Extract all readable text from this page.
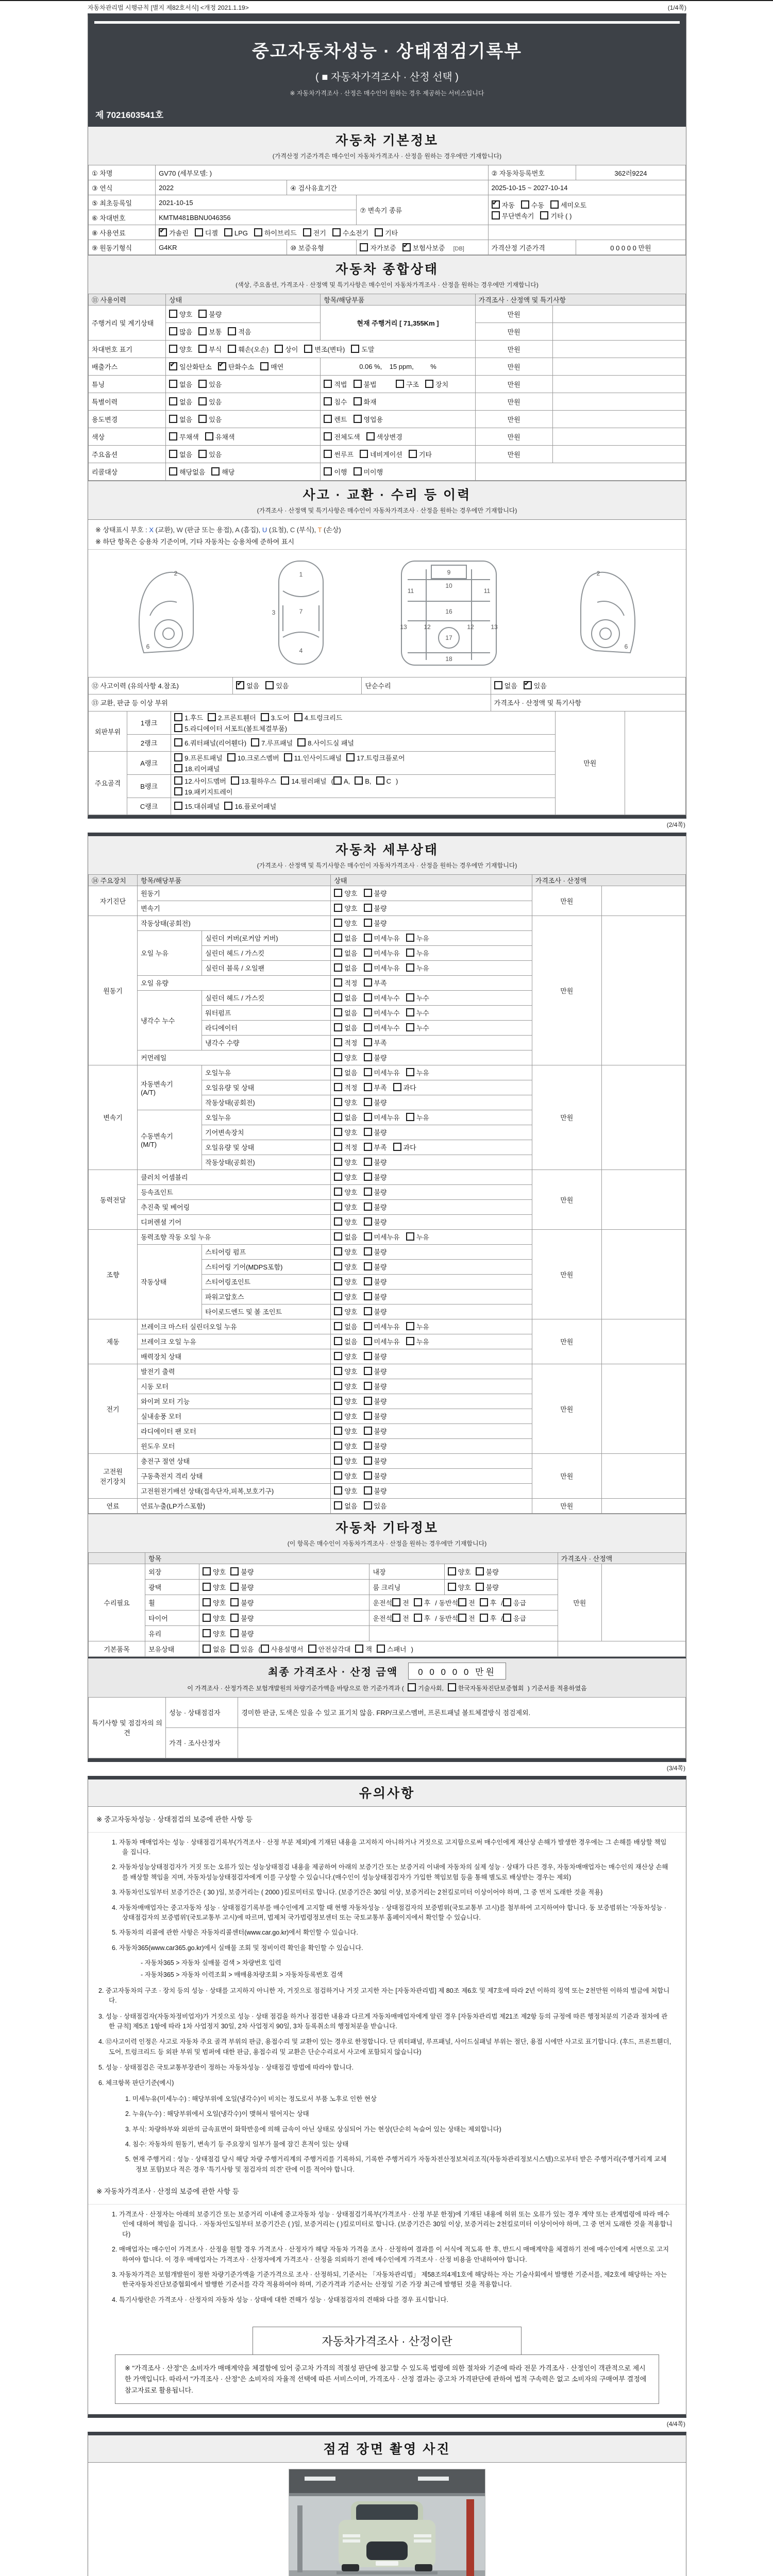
자동차관리법 시행규칙 [별지 제82호서식] <개정 2021.1.19>	(1/4쪽)
중고자동차성능 · 상태점검기록부
( ■ 자동차가격조사 · 산정 선택 )
※ 자동차가격조사 · 산정은 매수인이 원하는 경우 제공하는 서비스입니다
제 7021603541호
자동차 기본정보
(가격산정 기준가격은 매수인이 자동차가격조사 · 산정을 원하는 경우에만 기재합니다)
① 차명	GV70 (세부모델: )			② 자동차등록번호	362러9224
③ 연식	2022	④ 검사유효기간		2025-10-15 ~ 2027-10-14	
⑤ 최초등록일	2021-10-15		⑦ 변속기 종류	✔자동 수동 세미오토
무단변속기 기타 ( )
⑥ 차대번호	KMTM481BBNU046356				
⑧ 사용연료	✔가솔린 디젤 LPG 하이브리드 전기 수소전기 기타	
⑨ 원동기형식	G4KR	⑩ 보증유형	자가보증 ✔ 보험사보증 [DB]	가격산정 기준가격	0 0 0 0 0 만원
자동차 종합상태
(색상, 주요옵션, 가격조사 · 산정액 및 특기사항은 매수인이 자동차가격조사 · 산정을 원하는 경우에만 기재합니다)
⑪ 사용이력	상태	항목/해당부품	가격조사 · 산정액 및 특기사항	
주행거리 및 계기상태	양호 불량	현재 주행거리 [ 71,355Km ]	만원	
	많음 보통 적음		만원	
차대번호 표기	양호 부식 훼손(오손) 상이 변조(변타) 도말		만원	
배출가스	✔일산화탄소 ✔ 탄화수소 매연	0.06 %,    15 ppm,         %	만원	
튜닝	없음 있음	적법 불법 구조 장치	만원	
특별이력	없음 있음	침수 화재	만원	
용도변경	없음 있음	렌트 영업용	만원	
색상	무채색 유채색	전체도색 색상변경	만원	
주요옵션	없음 있음	썬루프 네비게이션 기타	만원	
리콜대상	해당없음 해당	이행 미이행		
사고 · 교환 · 수리 등 이력
(가격조사 · 산정액 및 특기사항은 매수인이 자동차가격조사 · 산정을 원하는 경우에만 기재합니다)
※ 상태표시 부호 : X (교환), W (판금 또는 용접), A (흠집), U (요철), C (부식), T (손상)
※ 하단 항목은 승용차 기준이며, 기타 자동차는 승용차에 준하여 표시
2
6
1
7
4
3
9
10
11	11
13	13
12	12
16
17
18
2
6
⑫ 사고이력 (유의사항 4.참조)	✔없음 있음	단순수리	없음 ✔ 있음
⑬ 교환, 판금 등 이상 부위			가격조사 · 산정액 및 특기사항
외판부위	1랭크	1.후드 2.프론트휀더 3.도어 4.트렁크리드
5.라디에이터 서포트(볼트체결부품)	만원	
	2랭크	6.쿼터패널(리어휀다) 7.루프패널 8.사이드실 패널		
주요골격	A랭크	9.프론트패널 10.크로스멤버 11.인사이드패널 17.트렁크플로어
18.리어패널		
	B랭크	12.사이드멤버 13.휠하우스 14.필러패널 ( A, B, C )
19.패키지트레이		
	C랭크	15.대쉬패널 16.플로어패널		
(2/4쪽)
자동차 세부상태
(가격조사 · 산정액 및 특기사항은 매수인이 자동차가격조사 · 산정을 원하는 경우에만 기재합니다)
⑭ 주요장치	항목/해당부품		상태	가격조사 · 산정액	
자기진단	원동기		양호 불량	만원	
	변속기		양호 불량		
원동기	작동상태(공회전)		양호 불량	만원	
	오일 누유	실린더 커버(로커암 커버)	없음 미세누유 누유		
		실린더 헤드 / 가스킷	없음 미세누유 누유		
		실린더 블록 / 오일팬	없음 미세누유 누유		
	오일 유량		적정 부족		
	냉각수 누수	실린더 헤드 / 가스킷	없음 미세누수 누수		
		워터펌프	없음 미세누수 누수		
		라디에이터	없음 미세누수 누수		
		냉각수 수량	적정 부족		
	커먼레일		양호 불량		
변속기	자동변속기
(A/T)	오일누유	없음 미세누유 누유	만원	
		오일유량 및 상태	적정 부족 과다		
		작동상태(공회전)	양호 불량		
	수동변속기
(M/T)	오일누유	없음 미세누유 누유		
		기어변속장치	양호 불량		
		오일유량 및 상태	적정 부족 과다		
		작동상태(공회전)	양호 불량		
동력전달	클러치 어셈블리		양호 불량	만원	
	등속죠인트		양호 불량		
	추진축 및 베어링		양호 불량		
	디퍼렌셜 기어		양호 불량		
조향	동력조향 작동 오일 누유		없음 미세누유 누유	만원	
	작동상태	스티어링 펌프	양호 불량		
		스티어링 기어(MDPS포함)	양호 불량		
		스티어링조인트	양호 불량		
		파워고압호스	양호 불량		
		타이로드엔드 및 볼 조인트	양호 불량		
제동	브레이크 마스터 실린더오일 누유		없음 미세누유 누유	만원	
	브레이크 오일 누유		없음 미세누유 누유		
	배력장치 상태		양호 불량		
전기	발전기 출력		양호 불량	만원	
	시동 모터		양호 불량		
	와이퍼 모터 기능		양호 불량		
	실내송풍 모터		양호 불량		
	라디에이터 팬 모터		양호 불량		
	윈도우 모터		양호 불량		
고전원
전기장치	충전구 절연 상태		양호 불량	만원	
	구동축전지 격리 상태		양호 불량		
	고전원전기배선 상태(접속단자,피복,보호기구)		양호 불량		
연료	연료누출(LP가스포함)		없음 있음	만원	
자동차 기타정보
(이 항목은 매수인이 자동차가격조사 · 산정을 원하는 경우에만 기재합니다)
	항목				가격조사 · 산정액	
수리필요	외장	양호 불량	내장	양호 불량	만원	
	광택	양호 불량	룸 크리닝	양호 불량		
	휠	양호 불량	운전석 전 후 / 동반석 전 후 / 응급			
	타이어	양호 불량	운전석 전 후 / 동반석 전 후 / 응급			
	유리	양호 불량				
기본품목	보유상태	없음 있음 ( 사용설명서 안전삼각대 잭 스패너 )				
최종 가격조사 · 산정 금액	0 0 0 0 0 만원
이 가격조사 · 산정가격은 보험개발원의 차량기준가액을 바탕으로 한 기준가격과 ( 기술사회, 한국자동차진단보증협회 ) 기준서를 적용하였음
특기사항 및 점검자의 의견	성능 · 상태점검자	경미한 판금, 도색은 있을 수 있고 표기치 않음. FRP/크로스멤버, 프론트패널 볼트체결방식 점검제외.
	가격 · 조사산정자	
(3/4쪽)
유의사항
※ 중고자동차성능 · 상태점검의 보증에 관한 사항 등
1. 자동차 매매업자는 성능 · 상태점검기록부(가격조사 · 산정 부분 제외)에 기재된 내용을 고지하지 아니하거나 거짓으로 고지함으로써 매수인에게 재산상 손해가 발생한 경우에는 그 손해를 배상할 책임을 집니다.
2. 자동차성능상태점검자가 거짓 또는 오류가 있는 성능상태점검 내용을 제공하여 아래의 보증기간 또는 보증거리 이내에 자동차의 실제 성능 · 상태가 다른 경우, 자동차매매업자는 매수인의 재산상 손해를 배상할 책임을 지며, 자동차성능상태점검자에게 이를 구상할 수 있습니다.(매수인이 성능상태점검자가 가입한 책임보험 등을 통해 별도로 배상받는 경우는 제외)
3. 자동차인도일부터 보증기간은 ( 30 )일, 보증거리는 ( 2000 )킬로미터로 합니다. (보증기간은 30일 이상, 보증거리는 2천킬로미터 이상이어야 하며, 그 중 먼저 도래한 것을 적용)
4. 자동차매매업자는 중고자동차 성능 · 상태점검기록부를 매수인에게 고지할 때 현행 자동차성능 · 상태점검자의 보증범위(국토교통부 고시)를 첨부하여 고지하여야 합니다. 동 보증범위는 '자동차성능 · 상태점검자의 보증범위'(국토교통부 고시)에 따르며, 법제처 국가법령정보센터 또는 국토교통부 홈페이지에서 확인할 수 있습니다.
5. 자동차의 리콜에 관한 사항은 자동차리콜센터(www.car.go.kr)에서 확인할 수 있습니다.
6. 자동차365(www.car365.go.kr)에서 실매물 조회 및 정비이력 확인을 확인할 수 있습니다.
- 자동차365 > 자동차 실매물 검색 > 차량번호 입력
- 자동차365 > 자동차 이력조회 > 매매용차량조회 > 자동차등록번호 검색
2. 중고자동차의 구조 · 장치 등의 성능 · 상태를 고지하지 아니한 자, 거짓으로 점검하거나 거짓 고지한 자는 [자동차관리법] 제 80조 제6호 및 제7호에 따라 2년 이하의 징역 또는 2천만원 이하의 벌금에 처합니다.
3. 성능 · 상태점검자(자동차정비업자)가 거짓으로 성능 · 상태 점검을 하거나 점검한 내용과 다르게 자동차매매업자에게 알린 경우 [자동차관리법 제21조 제2항 등의 규정에 따른 행정처분의 기준과 절차에 관한 규칙] 제5조 1항에 따라 1차 사업정지 30일, 2차 사업정지 90일, 3차 등록취소의 행정처분을 받습니다.
4. ⑫사고이력 인정은 사고로 자동차 주요 골격 부위의 판금, 용접수리 및 교환이 있는 경우로 한정합니다. 단 쿼터패널, 루프패널, 사이드실패널 부위는 절단, 용접 시에만 사고로 표기합니다. (후드, 프론트휀더, 도어, 트렁크리드 등 외판 부위 및 범퍼에 대한 판금, 용접수리 및 교환은 단순수리로서 사고에 포함되지 않습니다)
5. 성능 · 상태점검은 국토교통부장관이 정하는 자동차성능 · 상태점검 방법에 따라야 합니다.
6. 체크항목 판단기준(예시)
1. 미세누유(미세누수) : 해당부위에 오일(냉각수)이 비치는 정도로서 부품 노후로 인한 현상
2. 누유(누수) : 해당부위에서 오일(냉각수)이 맺혀서 떨어지는 상태
3. 부식: 차량하부와 외판의 금속표면이 화학반응에 의해 금속이 아닌 상태로 상실되어 가는 현상(단순히 녹슬어 있는 상태는 제외합니다)
4. 침수: 자동차의 원동기, 변속기 등 주요장치 일부가 물에 잠긴 흔적이 있는 상태
5. 현재 주행거리 : 성능 · 상태점검 당시 해당 차량 주행거리계의 주행거리를 기록하되, 기록한 주행거리가 자동차전산정보처리조직(자동차관리정보시스템)으로부터 받은 주행거리(주행거리계 교체 정보 포함)보다 적은 경우 '특기사항 및 점검자의 의견' 란에 이를 적어야 합니다.
※ 자동차가격조사 · 산정의 보증에 관한 사항 등
1. 가격조사 · 산정자는 아래의 보증기간 또는 보증거리 이내에 중고자동차 성능 · 상태점검기록부(가격조사 · 산정 부분 한정)에 기재된 내용에 허위 또는 오류가 있는 경우 계약 또는 관계법령에 따라 매수인에 대하여 책임을 집니다. · 자동차인도일부터 보증기간은 ( )일, 보증거리는 ( )킬로미터로 합니다. (보증기간은 30일 이상, 보증거리는 2천킬로미터 이상이어야 하며, 그 중 먼저 도래한 것을 적용합니다)
2. 매매업자는 매수인이 가격조사 · 산정을 원할 경우 가격조사 · 산정자가 해당 자동차 가격을 조사 · 산정하여 결과를 이 서식에 적도록 한 후, 반드시 매매계약을 체결하기 전에 매수인에게 서면으로 고지하여야 합니다. 이 경우 매매업자는 가격조사 · 산정자에게 가격조사 · 산정을 의뢰하기 전에 매수인에게 가격조사 · 산정 비용을 안내하여야 합니다.
3. 자동차가격은 보험개발원이 정한 차량기준가액을 기준가격으로 조사 · 산정하되, 기준서는 「자동차관리법」 제58조의4제1호에 해당하는 자는 기술사회에서 발행한 기준서를, 제2호에 해당하는 자는 한국자동차진단보증협회에서 발행한 기준서를 각각 적용하여야 하며, 기준가격과 기준서는 산정일 기준 가장 최근에 발행된 것을 적용합니다.
4. 특기사항란은 가격조사 · 산정자의 자동차 성능 · 상태에 대한 견해가 성능 · 상태점검자의 견해와 다를 경우 표시합니다.
자동차가격조사 · 산정이란
※ "가격조사 · 산정"은 소비자가 매매계약을 체결함에 있어 중고차 가격의 적절성 판단에 참고할 수 있도록 법령에 의한 절차와 기준에 따라 전문 가격조사 · 산정인이 객관적으로 제시한 가액입니다. 따라서 "가격조사 · 산정"은 소비자의 자율적 선택에 따른 서비스이며, 가격조사 · 산정 결과는 중고차 가격판단에 관하여 법적 구속력은 없고 소비자의 구매여부 결정에 참고자료로 활용됩니다.
(4/4쪽)
점검 장면 촬영 사진
